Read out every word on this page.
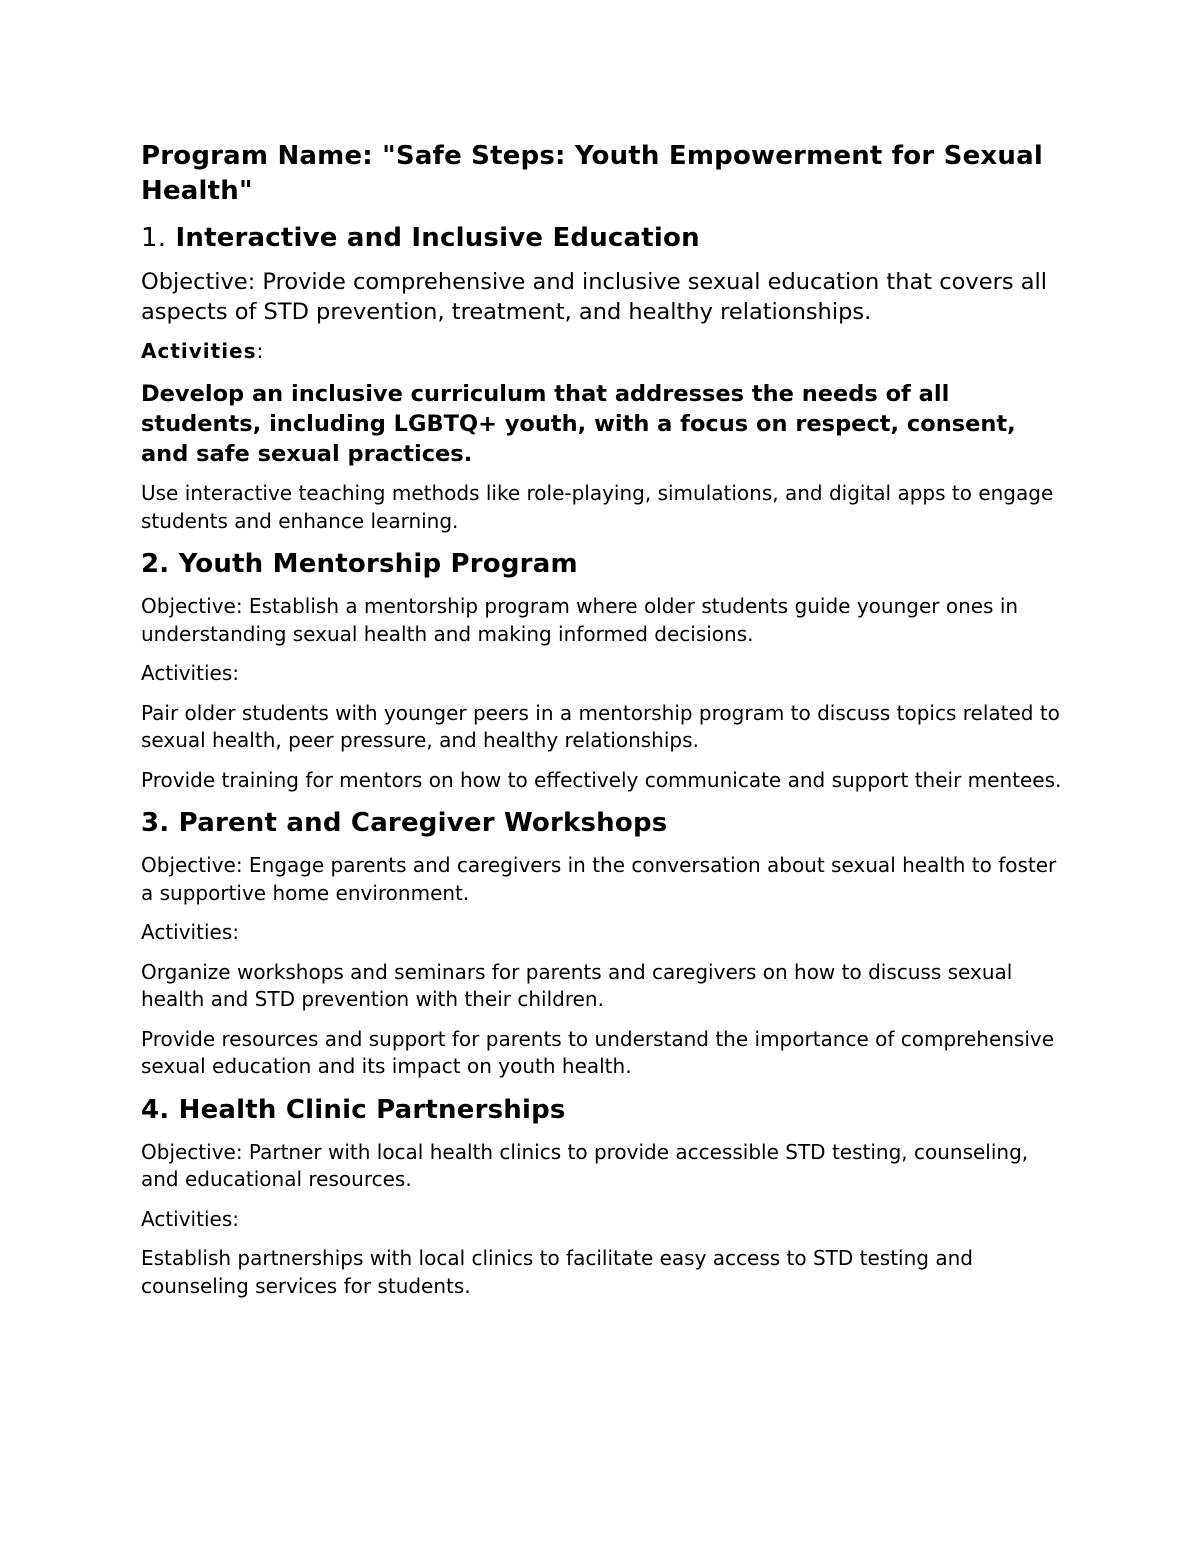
Program Name: "Safe Steps: Youth Empowerment for Sexual Health"
1. Interactive and Inclusive Education

Objective: Provide comprehensive and inclusive sexual education that covers all aspects of STD prevention, treatment, and healthy relationships.

Activities:

Develop an inclusive curriculum that addresses the needs of all students, including LGBTQ+ youth, with a focus on respect, consent, and safe sexual practices.

Use interactive teaching methods like role-playing, simulations, and digital apps to engage students and enhance learning.

2. Youth Mentorship Program

Objective: Establish a mentorship program where older students guide younger ones in understanding sexual health and making informed decisions.

Activities:

Pair older students with younger peers in a mentorship program to discuss topics related to sexual health, peer pressure, and healthy relationships.

Provide training for mentors on how to effectively communicate and support their mentees.

3. Parent and Caregiver Workshops

Objective: Engage parents and caregivers in the conversation about sexual health to foster a supportive home environment.

Activities:

Organize workshops and seminars for parents and caregivers on how to discuss sexual health and STD prevention with their children.

Provide resources and support for parents to understand the importance of comprehensive sexual education and its impact on youth health.

4. Health Clinic Partnerships

Objective: Partner with local health clinics to provide accessible STD testing, counseling, and educational resources.

Activities:

Establish partnerships with local clinics to facilitate easy access to STD testing and counseling services for students.
